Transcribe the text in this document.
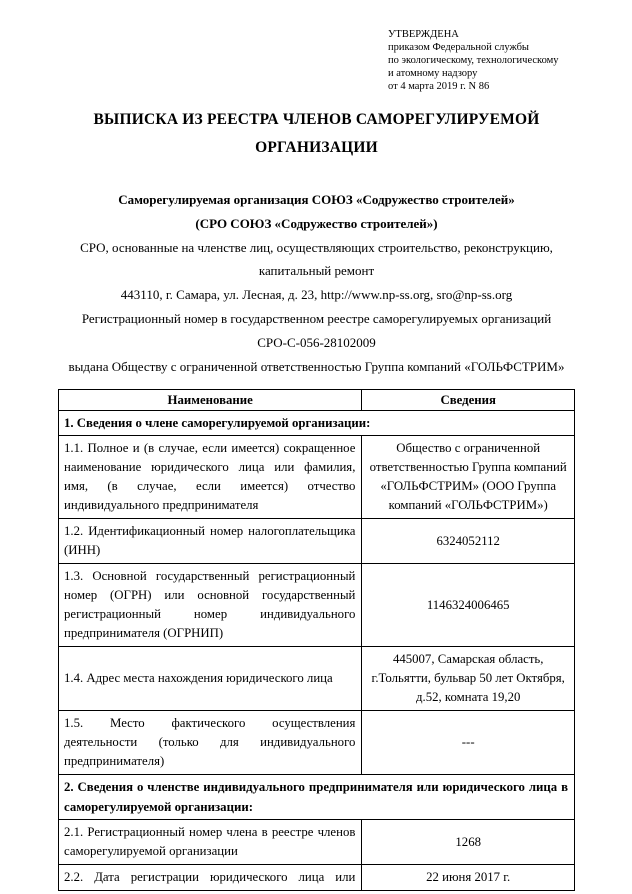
УТВЕРЖДЕНА
приказом Федеральной службы
по экологическому, технологическому
и атомному надзору
от 4 марта 2019 г. N 86
ВЫПИСКА ИЗ РЕЕСТРА ЧЛЕНОВ САМОРЕГУЛИРУЕМОЙ ОРГАНИЗАЦИИ

Саморегулируемая организация СОЮЗ «Содружество строителей»

(СРО СОЮЗ «Содружество строителей»)

СРО, основанные на членстве лиц, осуществляющих строительство, реконструкцию, капитальный ремонт

443110, г. Самара, ул. Лесная, д. 23, http://www.np-ss.org, sro@np-ss.org

Регистрационный номер в государственном реестре саморегулируемых организаций

СРО-С-056-28102009

выдана Обществу с ограниченной ответственностью Группа компаний «ГОЛЬФСТРИМ»

Наименование	Сведения
1. Сведения о члене саморегулируемой организации:	
1.1. Полное и (в случае, если имеется) сокращенное наименование юридического лица или фамилия, имя, (в случае, если имеется) отчество индивидуального предпринимателя	Общество с ограниченной ответственностью Группа компаний «ГОЛЬФСТРИМ» (ООО Группа компаний «ГОЛЬФСТРИМ»)
1.2. Идентификационный номер налогоплательщика (ИНН)	6324052112
1.3. Основной государственный регистрационный номер (ОГРН) или основной государственный регистрационный номер индивидуального предпринимателя (ОГРНИП)	1146324006465
1.4. Адрес места нахождения юридического лица	445007, Самарская область, г.Тольятти, бульвар 50 лет Октября, д.52, комната 19,20
1.5. Место фактического осуществления деятельности (только для индивидуального предпринимателя)	---
2. Сведения о членстве индивидуального предпринимателя или юридического лица в саморегулируемой организации:	
2.1. Регистрационный номер члена в реестре членов саморегулируемой организации	1268
2.2. Дата регистрации юридического лица или	22 июня 2017 г.
